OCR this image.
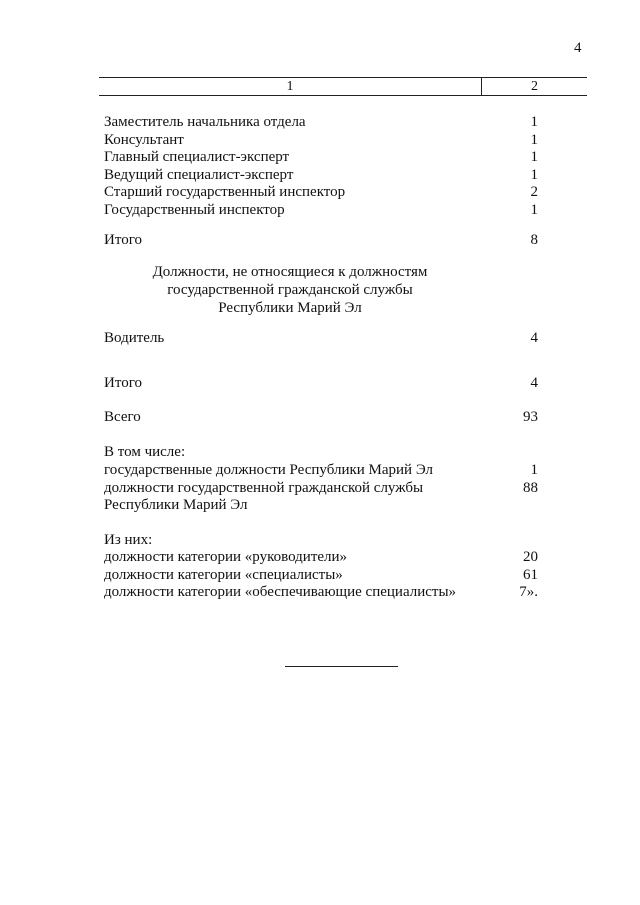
4
1	2
Заместитель начальника отдела	1
Консультант	1
Главный специалист-эксперт	1
Ведущий специалист-эксперт	1
Старший государственный инспектор	2
Государственный инспектор	1
Итого	8
Должности, не относящиеся к должностям
государственной гражданской службы
Республики Марий Эл
Водитель	4
Итого	4
Всего	93
В том числе:
государственные должности Республики Марий Эл	1
должности государственной гражданской службы	88
Республики Марий Эл
Из них:
должности категории «руководители»	20
должности категории «специалисты»	61
должности категории «обеспечивающие специалисты»	7».
